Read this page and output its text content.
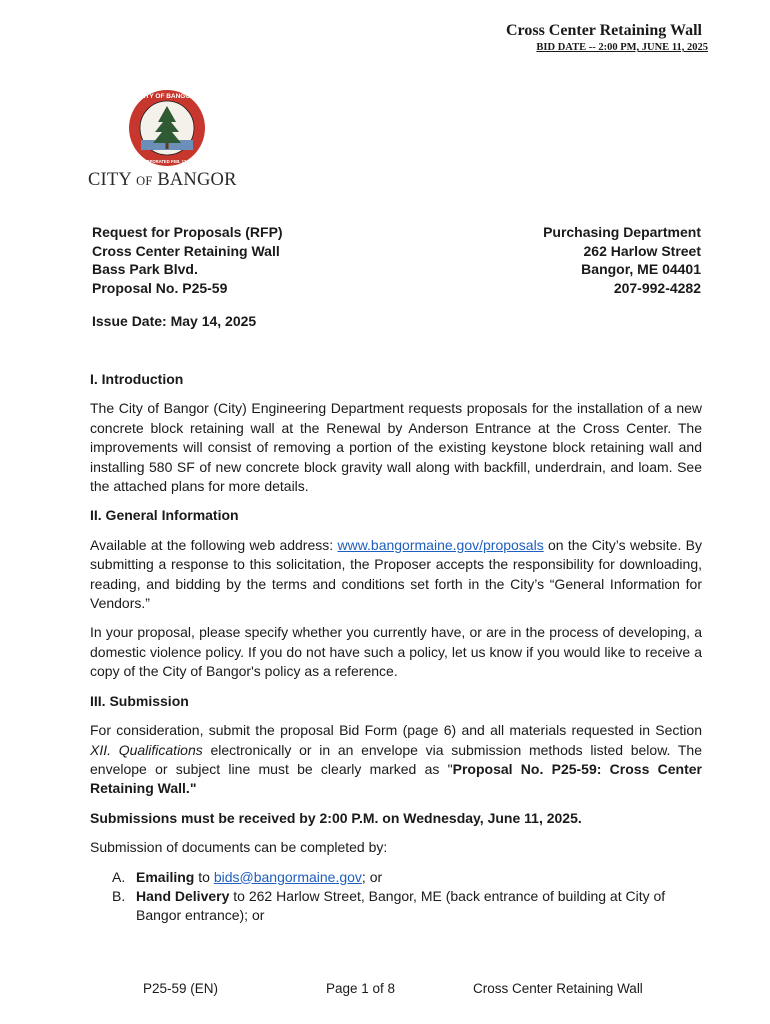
Cross Center Retaining Wall
BID DATE -- 2:00 PM, JUNE 11, 2025
CITY OF BANGOR
INCORPORATED FEB. 12, 1834
CITY OF BANGOR
Request for Proposals (RFP)
Cross Center Retaining Wall
Bass Park Blvd.
Proposal No. P25-59
Purchasing Department
262 Harlow Street
Bangor, ME 04401
207-992-4282
Issue Date: May 14, 2025
I. Introduction

The City of Bangor (City) Engineering Department requests proposals for the installation of a new concrete block retaining wall at the Renewal by Anderson Entrance at the Cross Center. The improvements will consist of removing a portion of the existing keystone block retaining wall and installing 580 SF of new concrete block gravity wall along with backfill, underdrain, and loam. See the attached plans for more details.

II. General Information

Available at the following web address: www.bangormaine.gov/proposals on the City’s website. By submitting a response to this solicitation, the Proposer accepts the responsibility for downloading, reading, and bidding by the terms and conditions set forth in the City’s “General Information for Vendors.”

In your proposal, please specify whether you currently have, or are in the process of developing, a domestic violence policy. If you do not have such a policy, let us know if you would like to receive a copy of the City of Bangor's policy as a reference.

III. Submission

For consideration, submit the proposal Bid Form (page 6) and all materials requested in Section XII. Qualifications electronically or in an envelope via submission methods listed below. The envelope or subject line must be clearly marked as "Proposal No. P25-59: Cross Center Retaining Wall."

Submissions must be received by 2:00 P.M. on Wednesday, June 11, 2025.

Submission of documents can be completed by:

A. Emailing to bids@bangormaine.gov; or
B. Hand Delivery to 262 Harlow Street, Bangor, ME (back entrance of building at City of Bangor entrance); or
P25-59 (EN)	Page 1 of 8	Cross Center Retaining Wall
